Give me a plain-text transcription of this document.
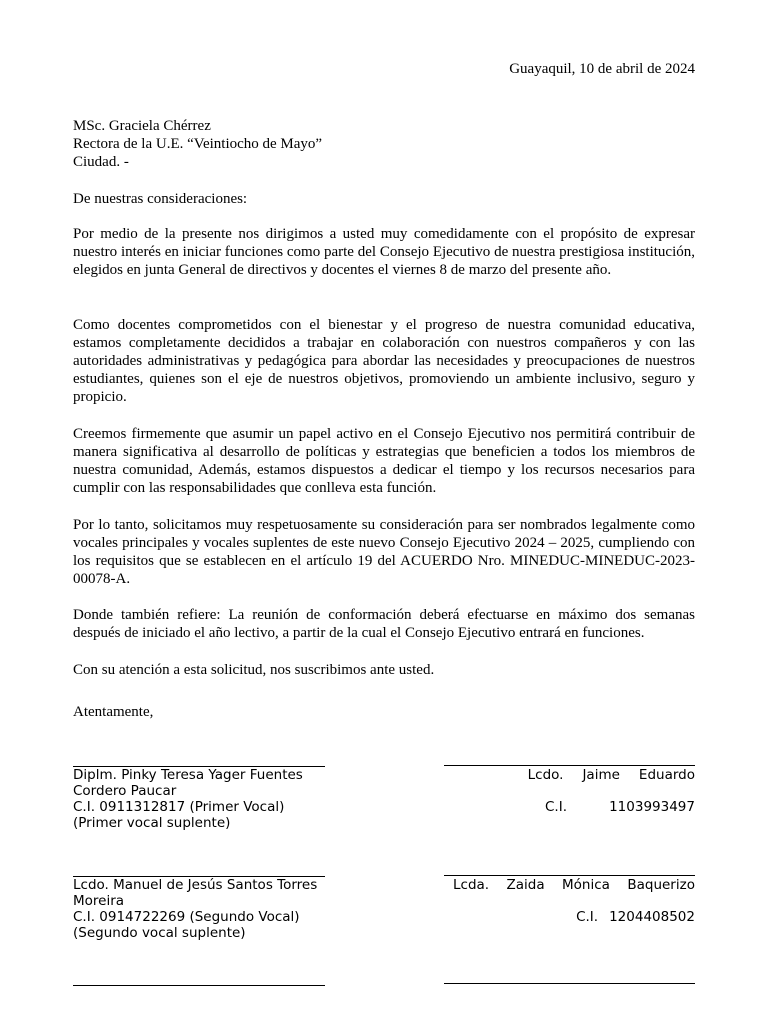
Guayaquil, 10 de abril de 2024
MSc. Graciela Chérrez
Rectora de la U.E. “Veintiocho de Mayo”
Ciudad. -
De nuestras consideraciones:
Por medio de la presente nos dirigimos a usted muy comedidamente con el propósito de expresar nuestro interés en iniciar funciones como parte del Consejo Ejecutivo de nuestra prestigiosa institución, elegidos en junta General de directivos y docentes el viernes 8 de marzo del presente año.
Como docentes comprometidos con el bienestar y el progreso de nuestra comunidad educativa, estamos completamente decididos a trabajar en colaboración con nuestros compañeros y con las autoridades administrativas y pedagógica para abordar las necesidades y preocupaciones de nuestros estudiantes, quienes son el eje de nuestros objetivos, promoviendo un ambiente inclusivo, seguro y propicio.
Creemos firmemente que asumir un papel activo en el Consejo Ejecutivo nos permitirá contribuir de manera significativa al desarrollo de políticas y estrategias que beneficien a todos los miembros de nuestra comunidad, Además, estamos dispuestos a dedicar el tiempo y los recursos necesarios para cumplir con las responsabilidades que conlleva esta función.
Por lo tanto, solicitamos muy respetuosamente su consideración para ser nombrados legalmente como vocales principales y vocales suplentes de este nuevo Consejo Ejecutivo 2024 – 2025, cumpliendo con los requisitos que se establecen en el artículo 19 del ACUERDO Nro. MINEDUC-MINEDUC-2023-00078-A.
Donde también refiere: La reunión de conformación deberá efectuarse en máximo dos semanas después de iniciado el año lectivo, a partir de la cual el Consejo Ejecutivo entrará en funciones.
Con su atención a esta solicitud, nos suscribimos ante usted.
Atentamente,
Diplm. Pinky Teresa Yager Fuentes
Cordero Paucar
C.I. 0911312817 (Primer Vocal)
(Primer vocal suplente)
Lcdo. Jaime Eduardo
C.I.	1103993497
Lcdo. Manuel de Jesús Santos Torres
Moreira
C.I. 0914722269 (Segundo Vocal)
(Segundo vocal suplente)
Lcda. Zaida Mónica Baquerizo
C.I. 1204408502
